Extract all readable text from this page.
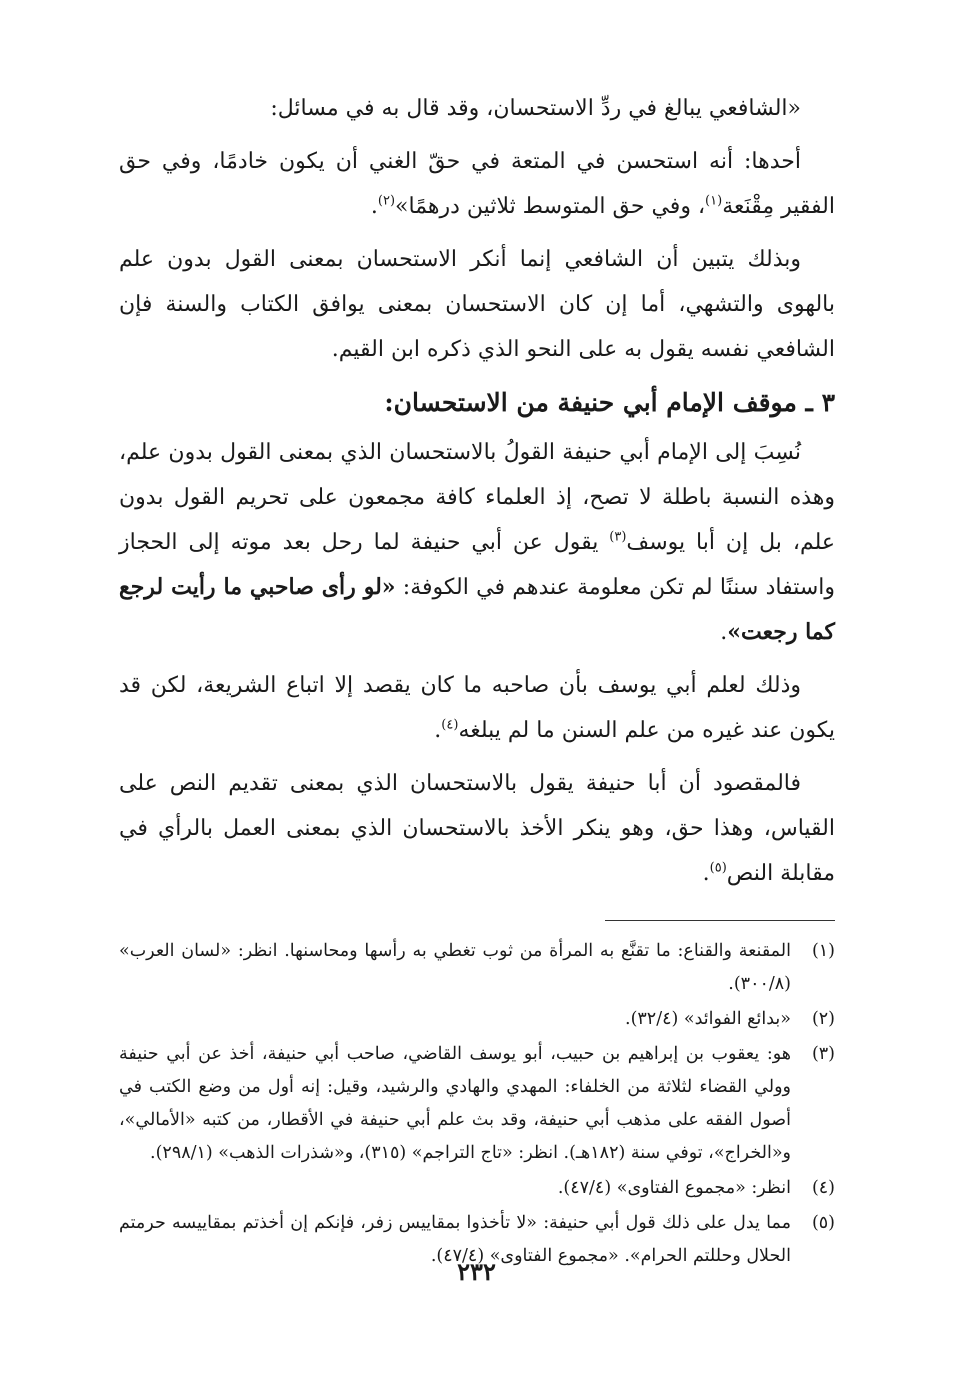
«الشافعي يبالغ في ردِّ الاستحسان، وقد قال به في مسائل:

أحدها: أنه استحسن في المتعة في حقّ الغني أن يكون خادمًا، وفي حق الفقير مِقْنَعة$^{(١)}$، وفي حق المتوسط ثلاثين درهمًا»$^{(٢)}$.

وبذلك يتبين أن الشافعي إنما أنكر الاستحسان بمعنى القول بدون علم بالهوى والتشهي، أما إن كان الاستحسان بمعنى يوافق الكتاب والسنة فإن الشافعي نفسه يقول به على النحو الذي ذكره ابن القيم.

٣ ـ موقف الإمام أبي حنيفة من الاستحسان:

نُسِبَ إلى الإمام أبي حنيفة القولُ بالاستحسان الذي بمعنى القول بدون علم، وهذه النسبة باطلة لا تصح، إذ العلماء كافة مجمعون على تحريم القول بدون علم، بل إن أبا يوسف$^{(٣)}$ يقول عن أبي حنيفة لما رحل بعد موته إلى الحجاز واستفاد سننًا لم تكن معلومة عندهم في الكوفة: «لو رأى صاحبي ما رأيت لرجع كما رجعت».

وذلك لعلم أبي يوسف بأن صاحبه ما كان يقصد إلا اتباع الشريعة، لكن قد يكون عند غيره من علم السنن ما لم يبلغه$^{(٤)}$.

فالمقصود أن أبا حنيفة يقول بالاستحسان الذي بمعنى تقديم النص على القياس، وهذا حق، وهو ينكر الأخذ بالاستحسان الذي بمعنى العمل بالرأي في مقابلة النص$^{(٥)}$.

(١)
المقنعة والقناع: ما تقنَّع به المرأة من ثوب تغطي به رأسها ومحاسنها. انظر: «لسان العرب» (٣٠٠/٨).
(٢)
«بدائع الفوائد» (٣٢/٤).
(٣)
هو: يعقوب بن إبراهيم بن حبيب، أبو يوسف القاضي، صاحب أبي حنيفة، أخذ عن أبي حنيفة وولي القضاء لثلاثة من الخلفاء: المهدي والهادي والرشيد، وقيل: إنه أول من وضع الكتب في أصول الفقه على مذهب أبي حنيفة، وقد بث علم أبي حنيفة في الأقطار، من كتبه «الأمالي»، و«الخراج»، توفي سنة (١٨٢هـ). انظر: «تاج التراجم» (٣١٥)، و«شذرات الذهب» (٢٩٨/١).
(٤)
انظر: «مجموع الفتاوى» (٤٧/٤).
(٥)
مما يدل على ذلك قول أبي حنيفة: «لا تأخذوا بمقاييس زفر، فإنكم إن أخذتم بمقاييسه حرمتم الحلال وحللتم الحرام». «مجموع الفتاوى» (٤٧/٤).
٢٣٢
